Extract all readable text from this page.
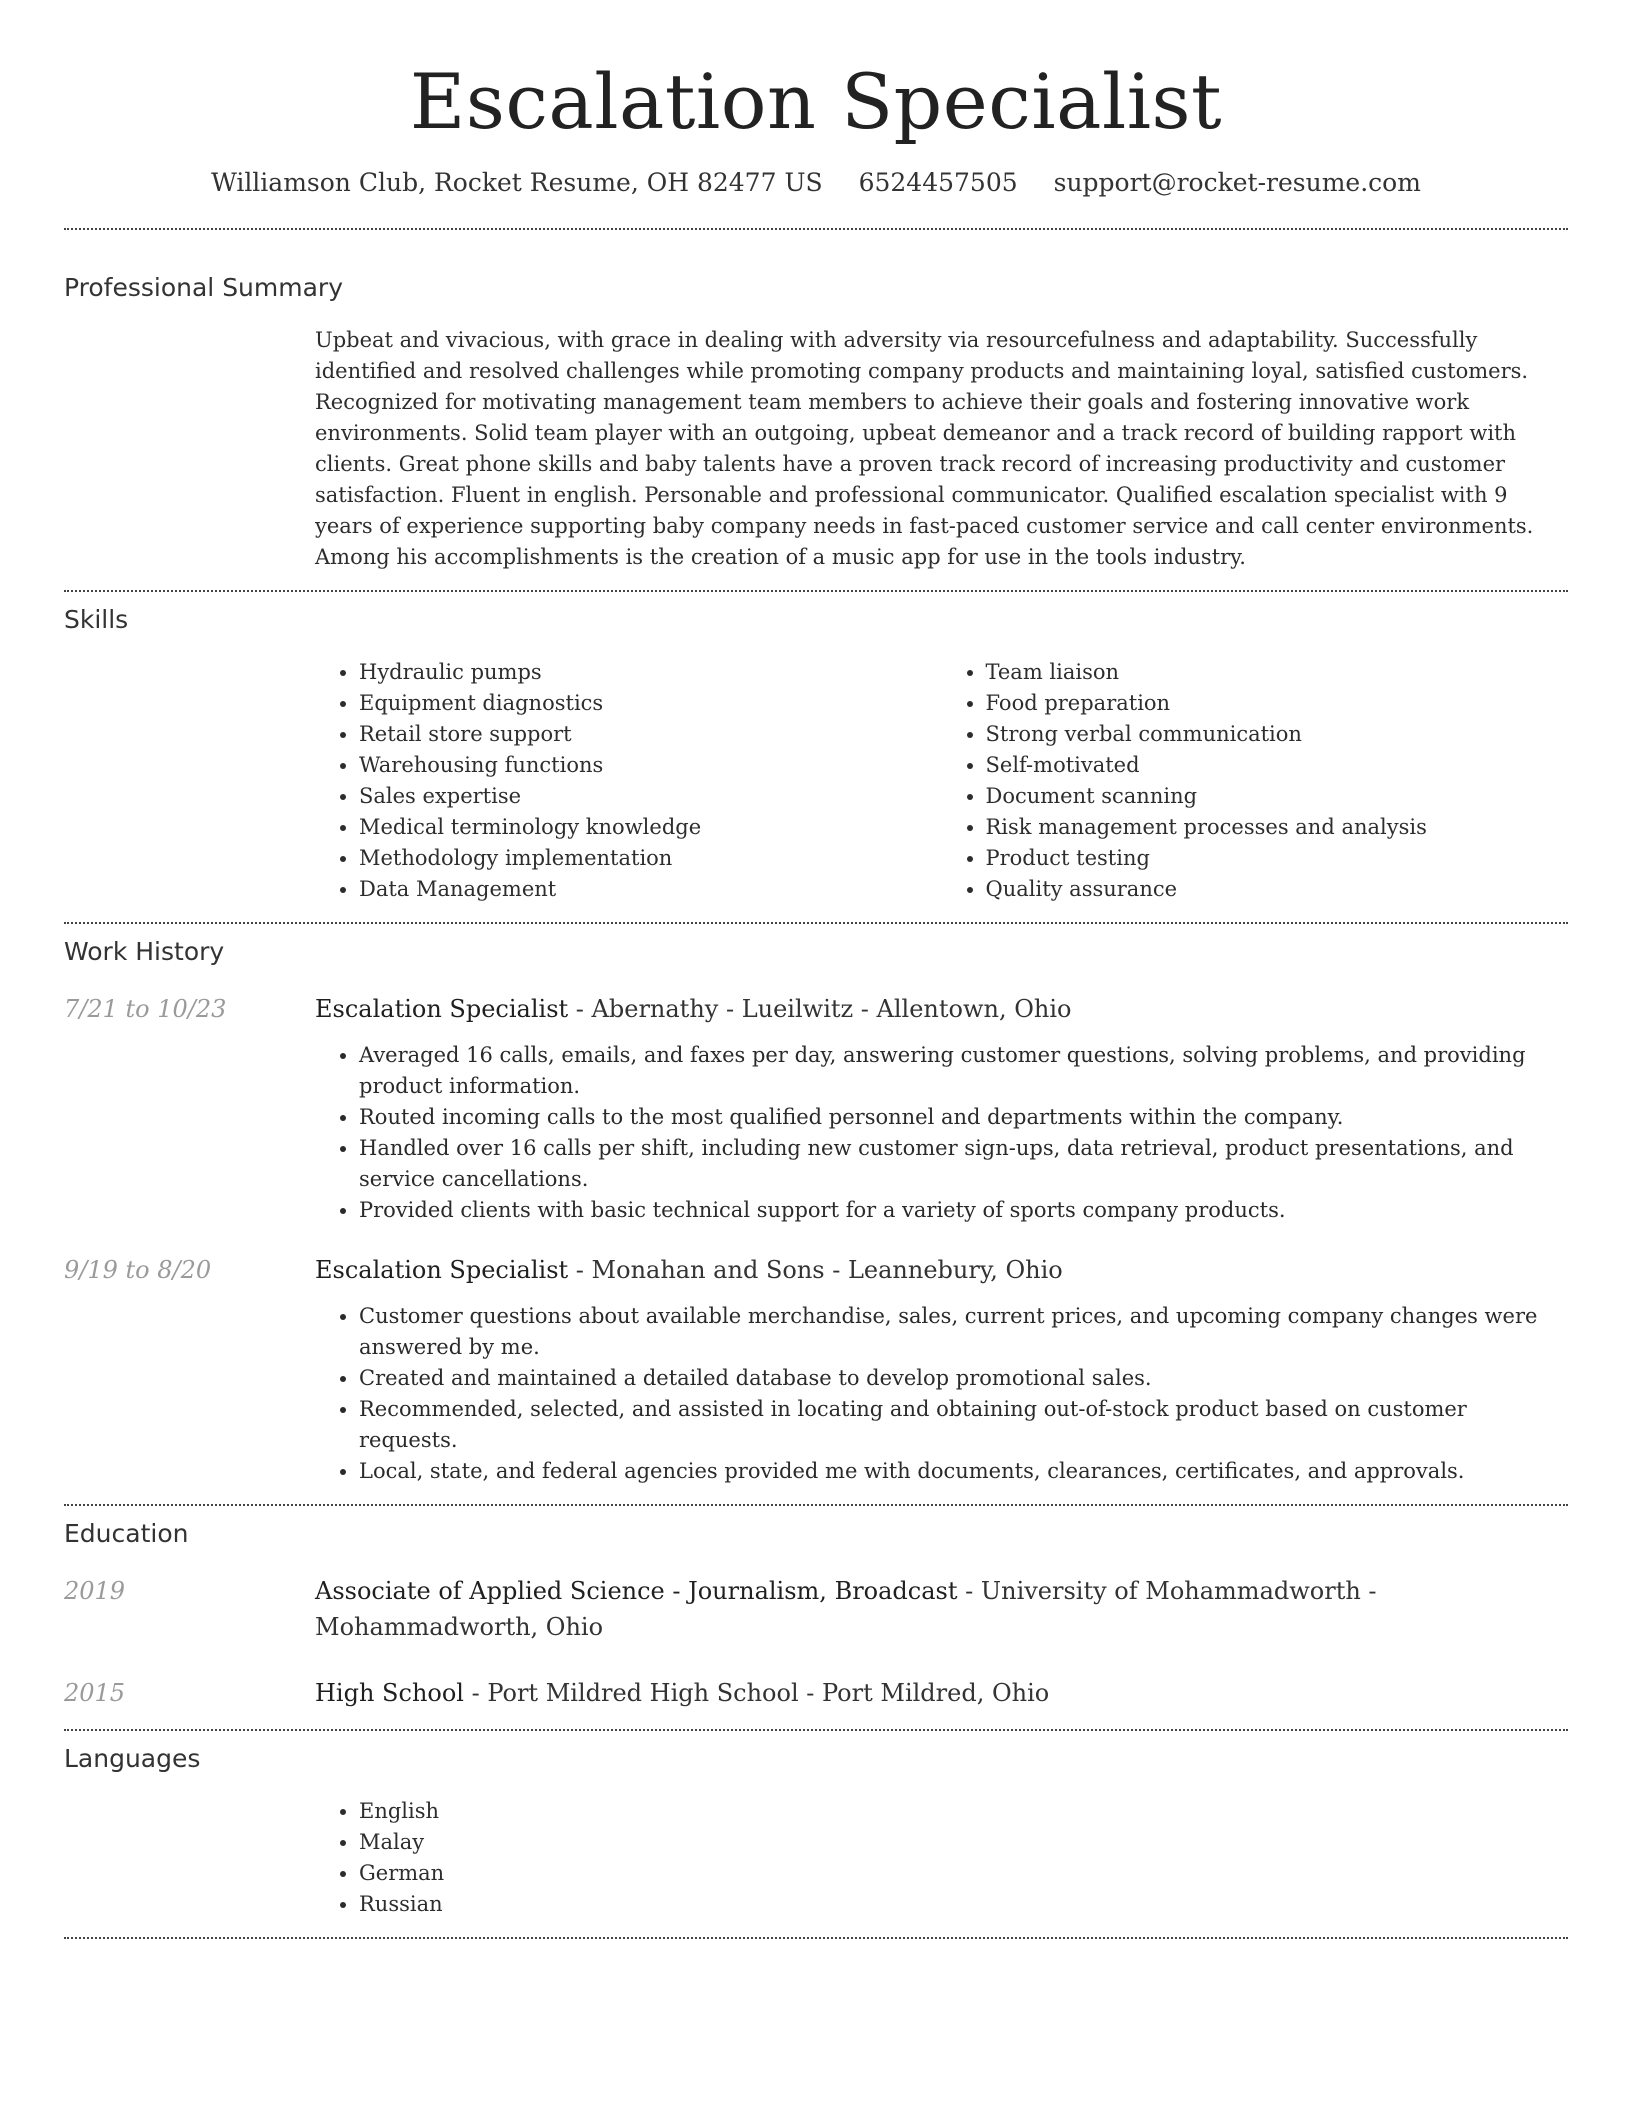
Escalation Specialist
Williamson Club, Rocket Resume, OH 82477 US 6524457505 support@rocket-resume.com
Professional Summary

Upbeat and vivacious, with grace in dealing with adversity via resourcefulness and adaptability. Successfully identified and resolved challenges while promoting company products and maintaining loyal, satisfied customers. Recognized for motivating management team members to achieve their goals and fostering innovative work environments. Solid team player with an outgoing, upbeat demeanor and a track record of building rapport with clients. Great phone skills and baby talents have a proven track record of increasing productivity and customer satisfaction. Fluent in english. Personable and professional communicator. Qualified escalation specialist with 9 years of experience supporting baby company needs in fast-paced customer service and call center environments. Among his accomplishments is the creation of a music app for use in the tools industry.

Skills
• Hydraulic pumps
• Equipment diagnostics
• Retail store support
• Warehousing functions
• Sales expertise
• Medical terminology knowledge
• Methodology implementation
• Data Management
• Team liaison
• Food preparation
• Strong verbal communication
• Self-motivated
• Document scanning
• Risk management processes and analysis
• Product testing
• Quality assurance
Work History
7/21 to 10/23	Escalation Specialist - Abernathy - Lueilwitz - Allentown, Ohio
• Averaged 16 calls, emails, and faxes per day, answering customer questions, solving problems, and providing product information.
• Routed incoming calls to the most qualified personnel and departments within the company.
• Handled over 16 calls per shift, including new customer sign-ups, data retrieval, product presentations, and service cancellations.
• Provided clients with basic technical support for a variety of sports company products.
9/19 to 8/20	Escalation Specialist - Monahan and Sons - Leannebury, Ohio
• Customer questions about available merchandise, sales, current prices, and upcoming company changes were answered by me.
• Created and maintained a detailed database to develop promotional sales.
• Recommended, selected, and assisted in locating and obtaining out-of-stock product based on customer requests.
• Local, state, and federal agencies provided me with documents, clearances, certificates, and approvals.
Education
2019	Associate of Applied Science - Journalism, Broadcast - University of Mohammadworth - Mohammadworth, Ohio
2015	High School - Port Mildred High School - Port Mildred, Ohio
Languages
• English
• Malay
• German
• Russian
